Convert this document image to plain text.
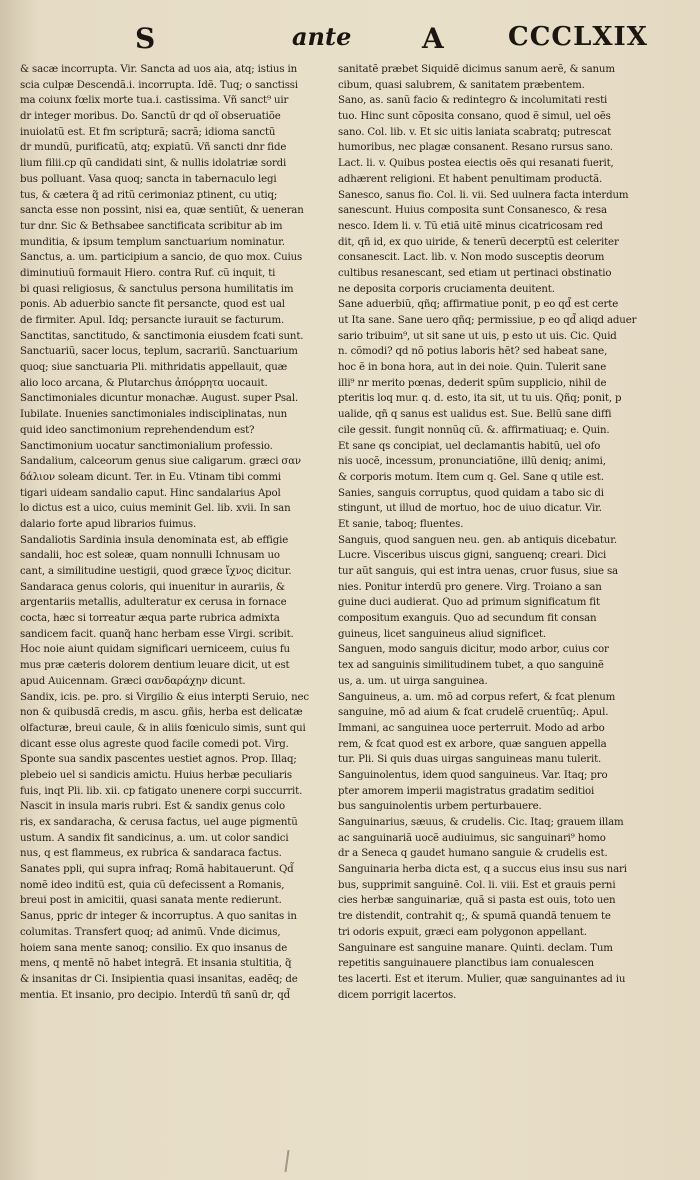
S	ante	A CCCLXIX
& sacæ incorrupta. Vir. Sancta ad uos aia, atq; istius in
scia culpæ Descendã.i. incorrupta. Idẽ. Tuq; o sanctissi
ma coiunx fœlix morte tua.i. castissima. Vñ sanct⁹ uir
dr integer moribus. Do. Sanctũ dr qd oĩ obseruatiõe
inuiolatũ est. Et fm scripturã; sacrã; idioma sanctũ
dr mundũ, purificatũ, atq; expiatũ. Vñ sancti dnr fide
lium filii.cp qũ candidati sint, & nullis idolatriæ sordi
bus polluant. Vasa quoq; sancta in tabernaculo legi
tus, & cætera q̃ ad ritũ cerimoniaz ptinent, cu utiq;
sancta esse non possint, nisi ea, quæ sentiũt, & ueneran
tur dnr. Sic & Bethsabee sanctificata scribitur ab im
munditia, & ipsum templum sanctuarium nominatur.
Sanctus, a. um. participium a sancio, de quo mox. Cuius
diminutiuũ formauit Hiero. contra Ruf. cũ inquit, ti
bi quasi religiosus, & sanctulus persona humilitatis im
ponis. Ab aduerbio sancte fit persancte, quod est ual
de firmiter. Apul. Idq; persancte iurauit se facturum.
Sanctitas, sanctitudo, & sanctimonia eiusdem fcati sunt.
Sanctuariũ, sacer locus, teplum, sacrariũ. Sanctuarium
quoq; siue sanctuaria Pli. mithridatis appellauit, quæ
alio loco arcana, & Plutarchus ἀπόρρητα uocauit.
Sanctimoniales dicuntur monachæ. August. super Psal.
Iubilate. Inuenies sanctimoniales indisciplinatas, nun
quid ideo sanctimonium reprehendendum est?
Sanctimonium uocatur sanctimonialium professio.
Sandalium, calceorum genus siue caligarum. græci σαν
δάλιον soleam dicunt. Ter. in Eu. Vtinam tibi commi
tigari uideam sandalio caput. Hinc sandalarius Apol
lo dictus est a uico, cuius meminit Gel. lib. xvii. In san
dalario forte apud librarios fuimus.
Sandaliotis Sardinia insula denominata est, ab effigie
sandalii, hoc est soleæ, quam nonnulli Ichnusam uo
cant, a similitudine uestigii, quod græce ἴχνος dicitur.
Sandaraca genus coloris, qui inuenitur in aurariis, &
argentariis metallis, adulteratur ex cerusa in fornace
cocta, hæc si torreatur æqua parte rubrica admixta
sandicem facit. quanq̃ hanc herbam esse Virgi. scribit.
Hoc noie aiunt quidam significari uerniceem, cuius fu
mus præ cæteris dolorem dentium leuare dicit, ut est
apud Auicennam. Græci σανδαράχην dicunt.
Sandix, icis. pe. pro. si Virgilio & eius interpti Seruio, nec
non & quibusdã credis, m ascu. gñis, herba est delicatæ
olfacturæ, breui caule, & in aliis fœniculo simis, sunt qui
dicant esse olus agreste quod facile comedi pot. Virg.
Sponte sua sandix pascentes uestiet agnos. Prop. Illaq;
plebeio uel si sandicis amictu. Huius herbæ peculiaris
fuis, inqt Pli. lib. xii. cp fatigato unenere corpi succurrit.
Nascit in insula maris rubri. Est & sandix genus colo
ris, ex sandaracha, & cerusa factus, uel auge pigmentũ
ustum. A sandix fit sandicinus, a. um. ut color sandici
nus, q est flammeus, ex rubrica & sandaraca factus.
Sanates ppli, qui supra infraq; Romã habitauerunt. Qd̃
nomẽ ideo inditũ est, quia cũ defecissent a Romanis,
breui post in amicitii, quasi sanata mente redierunt.
Sanus, ppric dr integer & incorruptus. A quo sanitas in
columitas. Transfert quoq; ad animũ. Vnde dicimus,
hoiem sana mente sanoq; consilio. Ex quo insanus de
mens, q mentẽ nõ habet integrã. Et insania stultitia, q̃
& insanitas dr Ci. Insipientia quasi insanitas, eadẽq; de
mentia. Et insanio, pro decipio. Interdũ tñ sanũ dr, qd̃
sanitatẽ præbet Siquidẽ dicimus sanum aerẽ, & sanum
cibum, quasi salubrem, & sanitatem præbentem.
Sano, as. sanũ facio & redintegro & incolumitati resti
tuo. Hinc sunt cõposita consano, quod ẽ simul, uel oẽs
sano. Col. lib. v. Et sic uitis laniata scabratq; putrescat
humoribus, nec plagæ consanent. Resano rursus sano.
Lact. li. v. Quibus postea eiectis oẽs qui resanati fuerit,
adhærent religioni. Et habent penultimam productã.
Sanesco, sanus fio. Col. li. vii. Sed uulnera facta interdum
sanescunt. Huius composita sunt Consanesco, & resa
nesco. Idem li. v. Tũ etiã uitẽ minus cicatricosam red
dit, qñ id, ex quo uiride, & tenerũ decerptũ est celeriter
consanescit. Lact. lib. v. Non modo susceptis deorum
cultibus resanescant, sed etiam ut pertinaci obstinatio
ne deposita corporis cruciamenta deuitent.
Sane aduerbiũ, qñq; affirmatiue ponit, p eo qd̃ est certe
ut Ita sane. Sane uero qñq; permissiue, p eo qd̃ aliqd aduer
sario tribuim⁹, ut sit sane ut uis, p esto ut uis. Cic. Quid
n. cõmodi? qd nõ potius laboris hẽt? sed habeat sane,
hoc ẽ in bona hora, aut in dei noie. Quin. Tulerit sane
illi⁹ nr merito pœnas, dederit spũm supplicio, nihil de
pteritis loq mur. q. d. esto, ita sit, ut tu uis. Qñq; ponit, p
ualide, qñ q sanus est ualidus est. Sue. Bellũ sane diffi
cile gessit. fungit nonnũq cũ. &. affirmatiuaq; e. Quin.
Et sane qs concipiat, uel declamantis habitũ, uel ofo
nis uocẽ, incessum, pronunciatiõne, illũ deniq; animi,
& corporis motum. Item cum q. Gel. Sane q utile est.
Sanies, sanguis corruptus, quod quidam a tabo sic di
stingunt, ut illud de mortuo, hoc de uiuo dicatur. Vir.
Et sanie, taboq; fluentes.
Sanguis, quod sanguen neu. gen. ab antiquis dicebatur.
Lucre. Visceribus uiscus gigni, sanguenq; creari. Dici
tur aũt sanguis, qui est intra uenas, cruor fusus, siue sa
nies. Ponitur interdũ pro genere. Virg. Troiano a san
guine duci audierat. Quo ad primum significatum fit
compositum exanguis. Quo ad secundum fit consan
guineus, licet sanguineus aliud significet.
Sanguen, modo sanguis dicitur, modo arbor, cuius cor
tex ad sanguinis similitudinem tubet, a quo sanguinẽ
us, a. um. ut uirga sanguinea.
Sanguineus, a. um. mõ ad corpus refert, & fcat plenum
sanguine, mõ ad aium & fcat crudelẽ cruentũq;. Apul.
Immani, ac sanguinea uoce perterruit. Modo ad arbo
rem, & fcat quod est ex arbore, quæ sanguen appella
tur. Pli. Si quis duas uirgas sanguineas manu tulerit.
Sanguinolentus, idem quod sanguineus. Var. Itaq; pro
pter amorem imperii magistratus gradatim seditioi
bus sanguinolentis urbem perturbauere.
Sanguinarius, sæuus, & crudelis. Cic. Itaq; grauem illam
ac sanguinariã uocẽ audiuimus, sic sanguinari⁹ homo
dr a Seneca q gaudet humano sanguie & crudelis est.
Sanguinaria herba dicta est, q a succus eius insu sus nari
bus, supprimit sanguinẽ. Col. li. viii. Est et grauis perni
cies herbæ sanguinariæ, quã si pasta est ouis, toto uen
tre distendit, contrahit q;, & spumã quandã tenuem te
tri odoris expuit, græci eam polygonon appellant.
Sanguinare est sanguine manare. Quinti. declam. Tum
repetitis sanguinauere planctibus iam conualescen
tes lacerti. Est et iterum. Mulier, quæ sanguinantes ad iu
dicem porrigit lacertos.
